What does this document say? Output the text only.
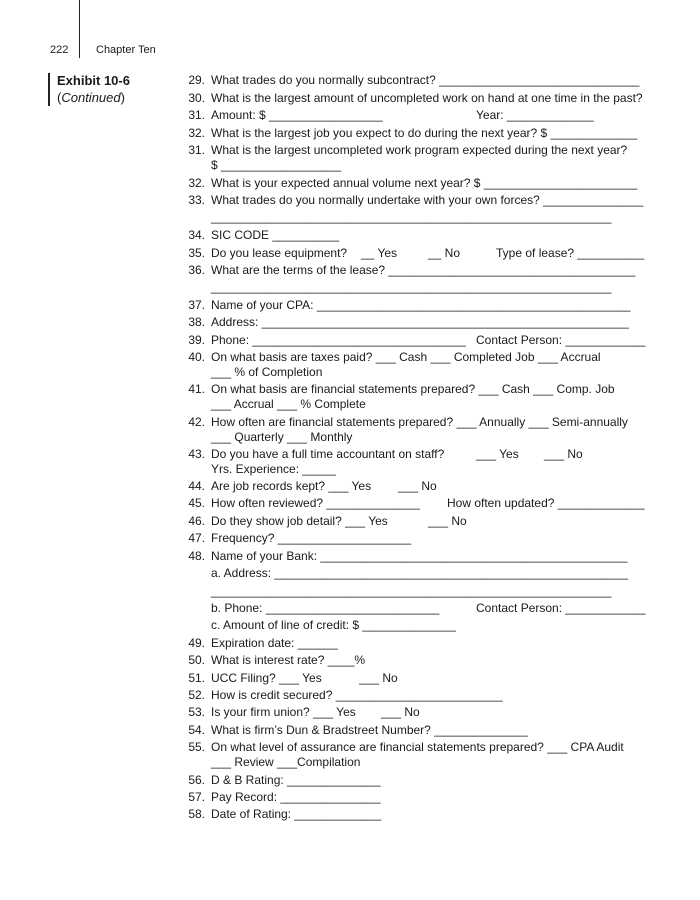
222	Chapter Ten
Exhibit 10-6
(Continued)
29. What trades do you normally subcontract? ______________________________
30. What is the largest amount of uncompleted work on hand at one time in the past?
31. Amount: $ _________________	Year: _____________
32. What is the largest job you expect to do during the next year? $ _____________
31. What is the largest uncompleted work program expected during the next year?
$ __________________
32. What is your expected annual volume next year? $ _______________________
33. What trades do you normally undertake with your own forces? _______________
____________________________________________________________
34. SIC CODE __________
35. Do you lease equipment? __ Yes	__ No	Type of lease? __________
36. What are the terms of the lease? _____________________________________
____________________________________________________________
37. Name of your CPA: _______________________________________________
38. Address: _______________________________________________________
39. Phone: ________________________________ Contact Person: ____________
40. On what basis are taxes paid? ___ Cash ___ Completed Job ___ Accrual
___ % of Completion
41. On what basis are financial statements prepared? ___ Cash ___ Comp. Job
___ Accrual ___ % Complete
42. How often are financial statements prepared? ___ Annually ___ Semi-annually
___ Quarterly ___ Monthly
43. Do you have a full time accountant on staff?	___ Yes ___ No
Yrs. Experience: _____
44. Are job records kept? ___ Yes ___ No
45. How often reviewed? ______________ How often updated? _____________
46. Do they show job detail? ___ Yes	___ No
47. Frequency? ____________________
48. Name of your Bank: ______________________________________________
a. Address: _____________________________________________________
____________________________________________________________
b. Phone: __________________________	Contact Person: ____________
c. Amount of line of credit: $ ______________
49. Expiration date: ______
50. What is interest rate? ____%
51. UCC Filing? ___ Yes	___ No
52. How is credit secured? _________________________
53. Is your firm union? ___ Yes ___ No
54. What is firm’s Dun & Bradstreet Number? ______________
55. On what level of assurance are financial statements prepared? ___ CPA Audit
___ Review ___Compilation
56. D & B Rating: ______________
57. Pay Record: _______________
58. Date of Rating: _____________
